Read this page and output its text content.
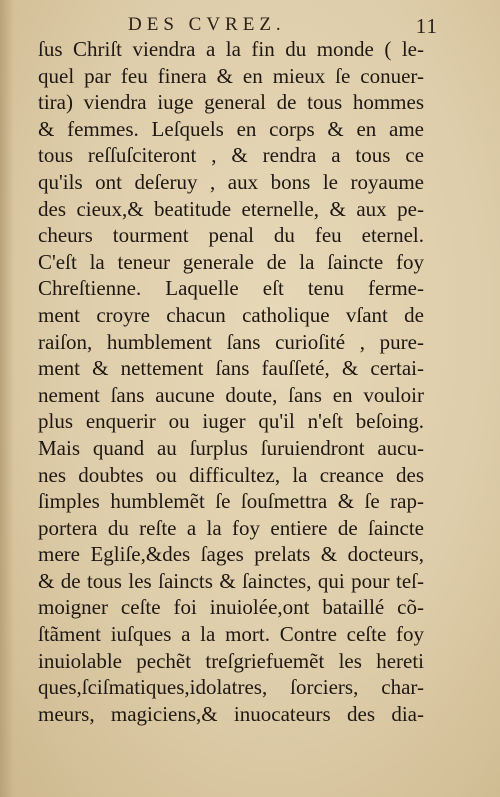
DES CVREZ.	11
ſus Chriſt viendra a la fin du monde ( le-
quel par feu finera & en mieux ſe conuer-
tira) viendra iuge general de tous hommes
& femmes. Leſquels en corps & en ame
tous reſſuſciteront , & rendra a tous ce
qu'ils ont deſeruy , aux bons le royaume
des cieux,& beatitude eternelle, & aux pe-
cheurs tourment penal du feu eternel.
C'eſt la teneur generale de la ſaincte foy
Chreſtienne. Laquelle eſt tenu ferme-
ment croyre chacun catholique vſant de
raiſon, humblement ſans curioſité , pure-
ment & nettement ſans fauſſeté, & certai-
nement ſans aucune doute, ſans en vouloir
plus enquerir ou iuger qu'il n'eſt beſoing.
Mais quand au ſurplus ſuruiendront aucu-
nes doubtes ou difficultez, la creance des
ſimples humblemẽt ſe ſouſmettra & ſe rap-
portera du reſte a la foy entiere de ſaincte
mere Egliſe,&des ſages prelats & docteurs,
& de tous les ſaincts & ſainctes, qui pour teſ-
moigner ceſte foi inuiolée,ont bataillé cõ-
ſtãment iuſques a la mort. Contre ceſte foy
inuiolable pechẽt treſgriefuemẽt les hereti
ques,ſciſmatiques,idolatres, ſorciers, char-
meurs, magiciens,& inuocateurs des dia-
